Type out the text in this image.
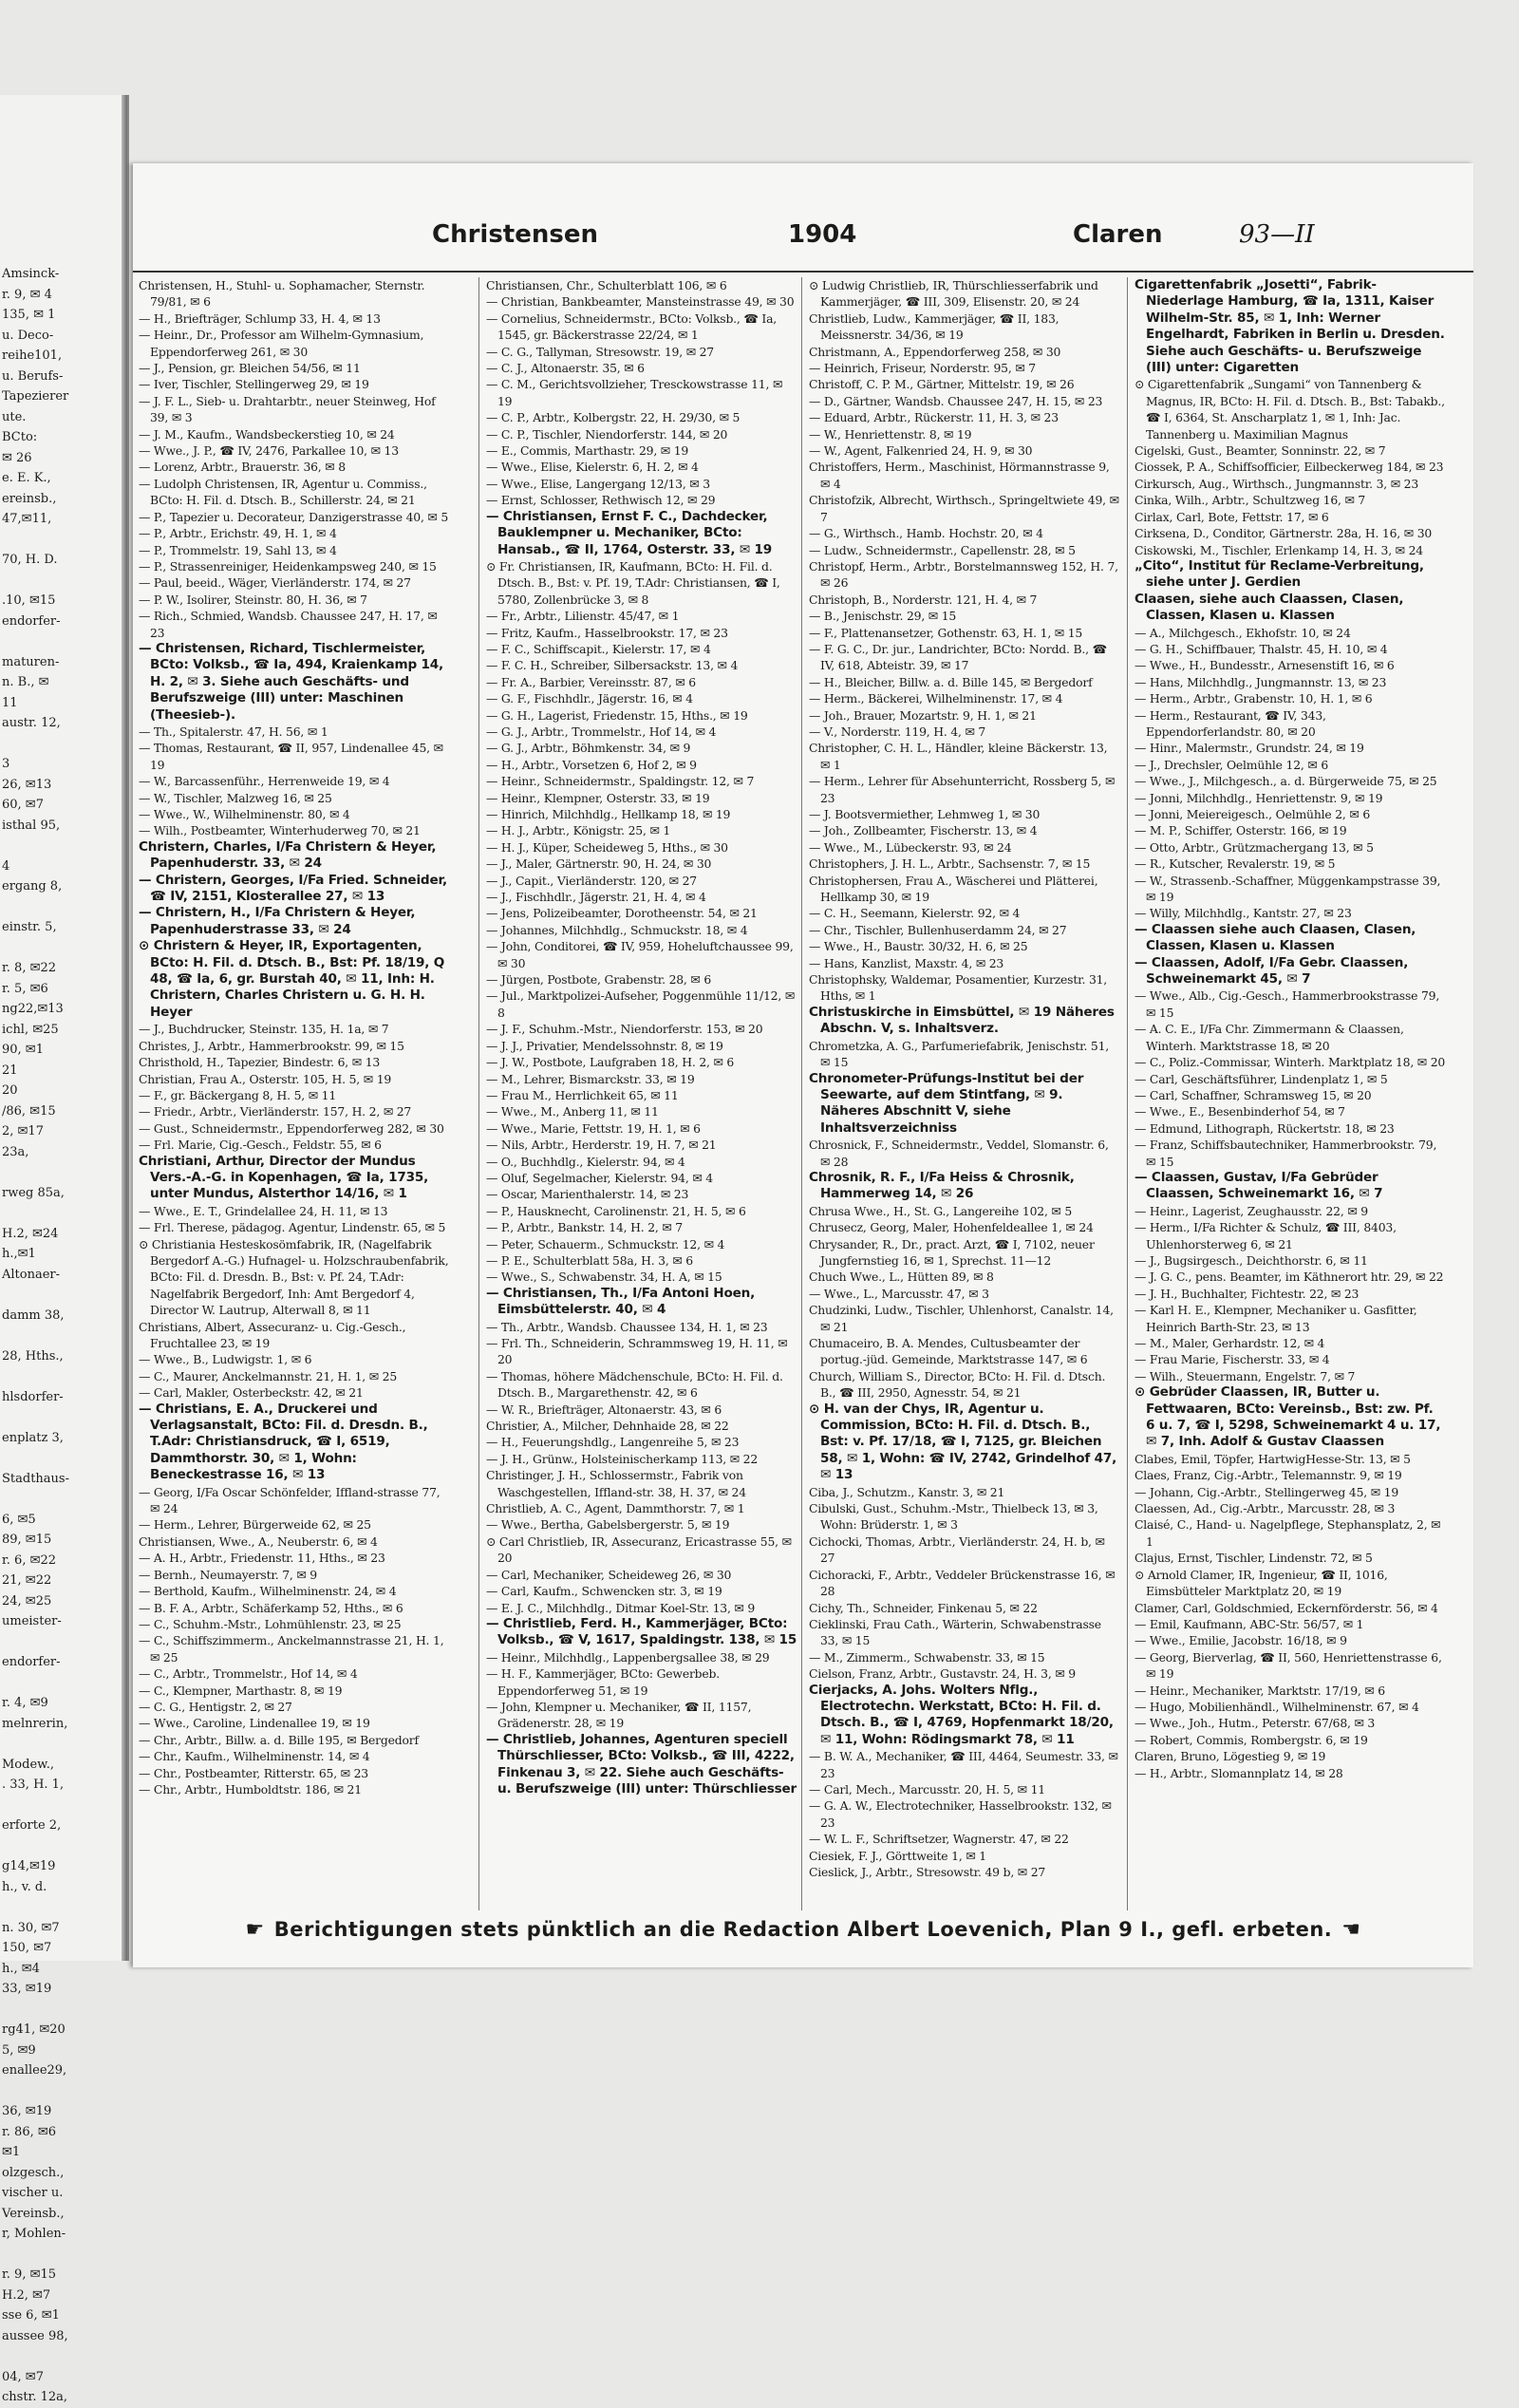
Amsinck-
r. 9, ✉ 4
135, ✉ 1
u. Deco-
reihe101,
u. Berufs-
Tapezierer
ute.
BCto:
✉ 26
e. E. K.,
ereinsb.,
47,✉11,

70, H. D.

.10, ✉15
endorfer-

maturen-
n. B., ✉
11
austr. 12,

3
26, ✉13
60, ✉7
isthal 95,

4
ergang 8,

einstr. 5,

r. 8, ✉22
r. 5, ✉6
ng22,✉13
ichl, ✉25
90, ✉1
21
20
/86, ✉15
2, ✉17
23a,

rweg 85a,

H.2, ✉24
h.,✉1
Altonaer-

damm 38,

28, Hths.,

hlsdorfer-

enplatz 3,

Stadthaus-

6, ✉5
89, ✉15
r. 6, ✉22
21, ✉22
24, ✉25
umeister-

endorfer-

r. 4, ✉9
melnrerin,

Modew.,
. 33, H. 1,

erforte 2,

g14,✉19
h., v. d.

n. 30, ✉7
150, ✉7
h., ✉4
33, ✉19

rg41, ✉20
5, ✉9
enallee29,

36, ✉19
r. 86, ✉6
✉1
olzgesch.,
vischer u.
Vereinsb.,
r, Mohlen-

r. 9, ✉15
H.2, ✉7
sse 6, ✉1
aussee 98,

04, ✉7
chstr. 12a,
Christensen	1904	Claren	93—II
Christensen, H., Stuhl- u. Sophamacher, Sternstr. 79/81, ✉ 6
— H., Briefträger, Schlump 33, H. 4, ✉ 13
— Heinr., Dr., Professor am Wilhelm-Gymnasium, Eppendorferweg 261, ✉ 30
— J., Pension, gr. Bleichen 54/56, ✉ 11
— Iver, Tischler, Stellingerweg 29, ✉ 19
— J. F. L., Sieb- u. Drahtarbtr., neuer Steinweg, Hof 39, ✉ 3
— J. M., Kaufm., Wandsbeckerstieg 10, ✉ 24
— Wwe., J. P., ☎ IV, 2476, Parkallee 10, ✉ 13
— Lorenz, Arbtr., Brauerstr. 36, ✉ 8
— Ludolph Christensen, IR, Agentur u. Commiss., BCto: H. Fil. d. Dtsch. B., Schillerstr. 24, ✉ 21
— P., Tapezier u. Decorateur, Danzigerstrasse 40, ✉ 5
— P., Arbtr., Erichstr. 49, H. 1, ✉ 4
— P., Trommelstr. 19, Sahl 13, ✉ 4
— P., Strassenreiniger, Heidenkampsweg 240, ✉ 15
— Paul, beeid., Wäger, Vierländerstr. 174, ✉ 27
— P. W., Isolirer, Steinstr. 80, H. 36, ✉ 7
— Rich., Schmied, Wandsb. Chaussee 247, H. 17, ✉ 23
— Christensen, Richard, Tischlermeister, BCto: Volksb., ☎ Ia, 494, Kraienkamp 14, H. 2, ✉ 3. Siehe auch Geschäfts- und Berufszweige (III) unter: Maschinen (Theesieb-).
— Th., Spitalerstr. 47, H. 56, ✉ 1
— Thomas, Restaurant, ☎ II, 957, Lindenallee 45, ✉ 19
— W., Barcassenführ., Herrenweide 19, ✉ 4
— W., Tischler, Malzweg 16, ✉ 25
— Wwe., W., Wilhelminenstr. 80, ✉ 4
— Wilh., Postbeamter, Winterhuderweg 70, ✉ 21
Christern, Charles, I/Fa Christern & Heyer, Papenhuderstr. 33, ✉ 24
— Christern, Georges, I/Fa Fried. Schneider, ☎ IV, 2151, Klosterallee 27, ✉ 13
— Christern, H., I/Fa Christern & Heyer, Papenhuderstrasse 33, ✉ 24
⊙ Christern & Heyer, IR, Exportagenten, BCto: H. Fil. d. Dtsch. B., Bst: Pf. 18/19, Q 48, ☎ Ia, 6, gr. Burstah 40, ✉ 11, Inh: H. Christern, Charles Christern u. G. H. H. Heyer
— J., Buchdrucker, Steinstr. 135, H. 1a, ✉ 7
Christes, J., Arbtr., Hammerbrookstr. 99, ✉ 15
Christhold, H., Tapezier, Bindestr. 6, ✉ 13
Christian, Frau A., Osterstr. 105, H. 5, ✉ 19
— F., gr. Bäckergang 8, H. 5, ✉ 11
— Friedr., Arbtr., Vierländerstr. 157, H. 2, ✉ 27
— Gust., Schneidermstr., Eppendorferweg 282, ✉ 30
— Frl. Marie, Cig.-Gesch., Feldstr. 55, ✉ 6
Christiani, Arthur, Director der Mundus Vers.-A.-G. in Kopenhagen, ☎ Ia, 1735, unter Mundus, Alsterthor 14/16, ✉ 1
— Wwe., E. T., Grindelallee 24, H. 11, ✉ 13
— Frl. Therese, pädagog. Agentur, Lindenstr. 65, ✉ 5
⊙ Christiania Hesteskosömfabrik, IR, (Nagelfabrik Bergedorf A.-G.) Hufnagel- u. Holzschraubenfabrik, BCto: Fil. d. Dresdn. B., Bst: v. Pf. 24, T.Adr: Nagelfabrik Bergedorf, Inh: Amt Bergedorf 4, Director W. Lautrup, Alterwall 8, ✉ 11
Christians, Albert, Assecuranz- u. Cig.-Gesch., Fruchtallee 23, ✉ 19
— Wwe., B., Ludwigstr. 1, ✉ 6
— C., Maurer, Anckelmannstr. 21, H. 1, ✉ 25
— Carl, Makler, Osterbeckstr. 42, ✉ 21
— Christians, E. A., Druckerei und Verlagsanstalt, BCto: Fil. d. Dresdn. B., T.Adr: Christiansdruck, ☎ I, 6519, Dammthorstr. 30, ✉ 1, Wohn: Beneckestrasse 16, ✉ 13
— Georg, I/Fa Oscar Schönfelder, Iffland-strasse 77, ✉ 24
— Herm., Lehrer, Bürgerweide 62, ✉ 25
Christiansen, Wwe., A., Neuberstr. 6, ✉ 4
— A. H., Arbtr., Friedenstr. 11, Hths., ✉ 23
— Bernh., Neumayerstr. 7, ✉ 9
— Berthold, Kaufm., Wilhelminenstr. 24, ✉ 4
— B. F. A., Arbtr., Schäferkamp 52, Hths., ✉ 6
— C., Schuhm.-Mstr., Lohmühlenstr. 23, ✉ 25
— C., Schiffszimmerm., Anckelmannstrasse 21, H. 1, ✉ 25
— C., Arbtr., Trommelstr., Hof 14, ✉ 4
— C., Klempner, Marthastr. 8, ✉ 19
— C. G., Hentigstr. 2, ✉ 27
— Wwe., Caroline, Lindenallee 19, ✉ 19
— Chr., Arbtr., Billw. a. d. Bille 195, ✉ Bergedorf
— Chr., Kaufm., Wilhelminenstr. 14, ✉ 4
— Chr., Postbeamter, Ritterstr. 65, ✉ 23
— Chr., Arbtr., Humboldtstr. 186, ✉ 21
Christiansen, Chr., Schulterblatt 106, ✉ 6
— Christian, Bankbeamter, Mansteinstrasse 49, ✉ 30
— Cornelius, Schneidermstr., BCto: Volksb., ☎ Ia, 1545, gr. Bäckerstrasse 22/24, ✉ 1
— C. G., Tallyman, Stresowstr. 19, ✉ 27
— C. J., Altonaerstr. 35, ✉ 6
— C. M., Gerichtsvollzieher, Tresckowstrasse 11, ✉ 19
— C. P., Arbtr., Kolbergstr. 22, H. 29/30, ✉ 5
— C. P., Tischler, Niendorferstr. 144, ✉ 20
— E., Commis, Marthastr. 29, ✉ 19
— Wwe., Elise, Kielerstr. 6, H. 2, ✉ 4
— Wwe., Elise, Langergang 12/13, ✉ 3
— Ernst, Schlosser, Rethwisch 12, ✉ 29
— Christiansen, Ernst F. C., Dachdecker, Bauklempner u. Mechaniker, BCto: Hansab., ☎ II, 1764, Osterstr. 33, ✉ 19
⊙ Fr. Christiansen, IR, Kaufmann, BCto: H. Fil. d. Dtsch. B., Bst: v. Pf. 19, T.Adr: Christiansen, ☎ I, 5780, Zollenbrücke 3, ✉ 8
— Fr., Arbtr., Lilienstr. 45/47, ✉ 1
— Fritz, Kaufm., Hasselbrookstr. 17, ✉ 23
— F. C., Schiffscapit., Kielerstr. 17, ✉ 4
— F. C. H., Schreiber, Silbersackstr. 13, ✉ 4
— Fr. A., Barbier, Vereinsstr. 87, ✉ 6
— G. F., Fischhdlr., Jägerstr. 16, ✉ 4
— G. H., Lagerist, Friedenstr. 15, Hths., ✉ 19
— G. J., Arbtr., Trommelstr., Hof 14, ✉ 4
— G. J., Arbtr., Böhmkenstr. 34, ✉ 9
— H., Arbtr., Vorsetzen 6, Hof 2, ✉ 9
— Heinr., Schneidermstr., Spaldingstr. 12, ✉ 7
— Heinr., Klempner, Osterstr. 33, ✉ 19
— Hinrich, Milchhdlg., Hellkamp 18, ✉ 19
— H. J., Arbtr., Königstr. 25, ✉ 1
— H. J., Küper, Scheideweg 5, Hths., ✉ 30
— J., Maler, Gärtnerstr. 90, H. 24, ✉ 30
— J., Capit., Vierländerstr. 120, ✉ 27
— J., Fischhdlr., Jägerstr. 21, H. 4, ✉ 4
— Jens, Polizeibeamter, Dorotheenstr. 54, ✉ 21
— Johannes, Milchhdlg., Schmuckstr. 18, ✉ 4
— John, Conditorei, ☎ IV, 959, Hoheluftchaussee 99, ✉ 30
— Jürgen, Postbote, Grabenstr. 28, ✉ 6
— Jul., Marktpolizei-Aufseher, Poggenmühle 11/12, ✉ 8
— J. F., Schuhm.-Mstr., Niendorferstr. 153, ✉ 20
— J. J., Privatier, Mendelssohnstr. 8, ✉ 19
— J. W., Postbote, Laufgraben 18, H. 2, ✉ 6
— M., Lehrer, Bismarckstr. 33, ✉ 19
— Frau M., Herrlichkeit 65, ✉ 11
— Wwe., M., Anberg 11, ✉ 11
— Wwe., Marie, Fettstr. 19, H. 1, ✉ 6
— Nils, Arbtr., Herderstr. 19, H. 7, ✉ 21
— O., Buchhdlg., Kielerstr. 94, ✉ 4
— Oluf, Segelmacher, Kielerstr. 94, ✉ 4
— Oscar, Marienthalerstr. 14, ✉ 23
— P., Hausknecht, Carolinenstr. 21, H. 5, ✉ 6
— P., Arbtr., Bankstr. 14, H. 2, ✉ 7
— Peter, Schauerm., Schmuckstr. 12, ✉ 4
— P. E., Schulterblatt 58a, H. 3, ✉ 6
— Wwe., S., Schwabenstr. 34, H. A, ✉ 15
— Christiansen, Th., I/Fa Antoni Hoen, Eimsbüttelerstr. 40, ✉ 4
— Th., Arbtr., Wandsb. Chaussee 134, H. 1, ✉ 23
— Frl. Th., Schneiderin, Schrammsweg 19, H. 11, ✉ 20
— Thomas, höhere Mädchenschule, BCto: H. Fil. d. Dtsch. B., Margarethenstr. 42, ✉ 6
— W. R., Briefträger, Altonaerstr. 43, ✉ 6
Christier, A., Milcher, Dehnhaide 28, ✉ 22
— H., Feuerungshdlg., Langenreihe 5, ✉ 23
— J. H., Grünw., Holsteinischerkamp 113, ✉ 22
Christinger, J. H., Schlossermstr., Fabrik von Waschgestellen, Iffland-str. 38, H. 37, ✉ 24
Christlieb, A. C., Agent, Dammthorstr. 7, ✉ 1
— Wwe., Bertha, Gabelsbergerstr. 5, ✉ 19
⊙ Carl Christlieb, IR, Assecuranz, Ericastrasse 55, ✉ 20
— Carl, Mechaniker, Scheideweg 26, ✉ 30
— Carl, Kaufm., Schwencken str. 3, ✉ 19
— E. J. C., Milchhdlg., Ditmar Koel-Str. 13, ✉ 9
— Christlieb, Ferd. H., Kammerjäger, BCto: Volksb., ☎ V, 1617, Spaldingstr. 138, ✉ 15
— Heinr., Milchhdlg., Lappenbergsallee 38, ✉ 29
— H. F., Kammerjäger, BCto: Gewerbeb. Eppendorferweg 51, ✉ 19
— John, Klempner u. Mechaniker, ☎ II, 1157, Grädenerstr. 28, ✉ 19
— Christlieb, Johannes, Agenturen speciell Thürschliesser, BCto: Volksb., ☎ III, 4222, Finkenau 3, ✉ 22. Siehe auch Geschäfts- u. Berufszweige (III) unter: Thürschliesser
⊙ Ludwig Christlieb, IR, Thürschliesserfabrik und Kammerjäger, ☎ III, 309, Elisenstr. 20, ✉ 24
Christlieb, Ludw., Kammerjäger, ☎ II, 183, Meissnerstr. 34/36, ✉ 19
Christmann, A., Eppendorferweg 258, ✉ 30
— Heinrich, Friseur, Norderstr. 95, ✉ 7
Christoff, C. P. M., Gärtner, Mittelstr. 19, ✉ 26
— D., Gärtner, Wandsb. Chaussee 247, H. 15, ✉ 23
— Eduard, Arbtr., Rückerstr. 11, H. 3, ✉ 23
— W., Henriettenstr. 8, ✉ 19
— W., Agent, Falkenried 24, H. 9, ✉ 30
Christoffers, Herm., Maschinist, Hörmannstrasse 9, ✉ 4
Christofzik, Albrecht, Wirthsch., Springeltwiete 49, ✉ 7
— G., Wirthsch., Hamb. Hochstr. 20, ✉ 4
— Ludw., Schneidermstr., Capellenstr. 28, ✉ 5
Christopf, Herm., Arbtr., Borstelmannsweg 152, H. 7, ✉ 26
Christoph, B., Norderstr. 121, H. 4, ✉ 7
— B., Jenischstr. 29, ✉ 15
— F., Plattenansetzer, Gothenstr. 63, H. 1, ✉ 15
— F. G. C., Dr. jur., Landrichter, BCto: Nordd. B., ☎ IV, 618, Abteistr. 39, ✉ 17
— H., Bleicher, Billw. a. d. Bille 145, ✉ Bergedorf
— Herm., Bäckerei, Wilhelminenstr. 17, ✉ 4
— Joh., Brauer, Mozartstr. 9, H. 1, ✉ 21
— V., Norderstr. 119, H. 4, ✉ 7
Christopher, C. H. L., Händler, kleine Bäckerstr. 13, ✉ 1
— Herm., Lehrer für Absehunterricht, Rossberg 5, ✉ 23
— J. Bootsvermiether, Lehmweg 1, ✉ 30
— Joh., Zollbeamter, Fischerstr. 13, ✉ 4
— Wwe., M., Lübeckerstr. 93, ✉ 24
Christophers, J. H. L., Arbtr., Sachsenstr. 7, ✉ 15
Christophersen, Frau A., Wäscherei und Plätterei, Hellkamp 30, ✉ 19
— C. H., Seemann, Kielerstr. 92, ✉ 4
— Chr., Tischler, Bullenhuserdamm 24, ✉ 27
— Wwe., H., Baustr. 30/32, H. 6, ✉ 25
— Hans, Kanzlist, Maxstr. 4, ✉ 23
Christophsky, Waldemar, Posamentier, Kurzestr. 31, Hths, ✉ 1
Christuskirche in Eimsbüttel, ✉ 19 Näheres Abschn. V, s. Inhaltsverz.
Chrometzka, A. G., Parfumeriefabrik, Jenischstr. 51, ✉ 15
Chronometer-Prüfungs-Institut bei der Seewarte, auf dem Stintfang, ✉ 9. Näheres Abschnitt V, siehe Inhaltsverzeichniss
Chrosnick, F., Schneidermstr., Veddel, Slomanstr. 6, ✉ 28
Chrosnik, R. F., I/Fa Heiss & Chrosnik, Hammerweg 14, ✉ 26
Chrusa Wwe., H., St. G., Langereihe 102, ✉ 5
Chrusecz, Georg, Maler, Hohenfeldeallee 1, ✉ 24
Chrysander, R., Dr., pract. Arzt, ☎ I, 7102, neuer Jungfernstieg 16, ✉ 1, Sprechst. 11—12
Chuch Wwe., L., Hütten 89, ✉ 8
— Wwe., L., Marcusstr. 47, ✉ 3
Chudzinki, Ludw., Tischler, Uhlenhorst, Canalstr. 14, ✉ 21
Chumaceiro, B. A. Mendes, Cultusbeamter der portug.-jüd. Gemeinde, Marktstrasse 147, ✉ 6
Church, William S., Director, BCto: H. Fil. d. Dtsch. B., ☎ III, 2950, Agnesstr. 54, ✉ 21
⊙ H. van der Chys, IR, Agentur u. Commission, BCto: H. Fil. d. Dtsch. B., Bst: v. Pf. 17/18, ☎ I, 7125, gr. Bleichen 58, ✉ 1, Wohn: ☎ IV, 2742, Grindelhof 47, ✉ 13
Ciba, J., Schutzm., Kanstr. 3, ✉ 21
Cibulski, Gust., Schuhm.-Mstr., Thielbeck 13, ✉ 3, Wohn: Brüderstr. 1, ✉ 3
Cichocki, Thomas, Arbtr., Vierländerstr. 24, H. b, ✉ 27
Cichoracki, F., Arbtr., Veddeler Brückenstrasse 16, ✉ 28
Cichy, Th., Schneider, Finkenau 5, ✉ 22
Cieklinski, Frau Cath., Wärterin, Schwabenstrasse 33, ✉ 15
— M., Zimmerm., Schwabenstr. 33, ✉ 15
Cielson, Franz, Arbtr., Gustavstr. 24, H. 3, ✉ 9
Cierjacks, A. Johs. Wolters Nflg., Electrotechn. Werkstatt, BCto: H. Fil. d. Dtsch. B., ☎ I, 4769, Hopfenmarkt 18/20, ✉ 11, Wohn: Rödingsmarkt 78, ✉ 11
— B. W. A., Mechaniker, ☎ III, 4464, Seumestr. 33, ✉ 23
— Carl, Mech., Marcusstr. 20, H. 5, ✉ 11
— G. A. W., Electrotechniker, Hasselbrookstr. 132, ✉ 23
— W. L. F., Schriftsetzer, Wagnerstr. 47, ✉ 22
Ciesiek, F. J., Görttweite 1, ✉ 1
Cieslick, J., Arbtr., Stresowstr. 49 b, ✉ 27
Cigarettenfabrik „Josetti“, Fabrik-Niederlage Hamburg, ☎ Ia, 1311, Kaiser Wilhelm-Str. 85, ✉ 1, Inh: Werner Engelhardt, Fabriken in Berlin u. Dresden. Siehe auch Geschäfts- u. Berufszweige (III) unter: Cigaretten
⊙ Cigarettenfabrik „Sungami“ von Tannenberg & Magnus, IR, BCto: H. Fil. d. Dtsch. B., Bst: Tabakb., ☎ I, 6364, St. Anscharplatz 1, ✉ 1, Inh: Jac. Tannenberg u. Maximilian Magnus
Cigelski, Gust., Beamter, Sonninstr. 22, ✉ 7
Ciossek, P. A., Schiffsofficier, Eilbeckerweg 184, ✉ 23
Cirkursch, Aug., Wirthsch., Jungmannstr. 3, ✉ 23
Cinka, Wilh., Arbtr., Schultzweg 16, ✉ 7
Cirlax, Carl, Bote, Fettstr. 17, ✉ 6
Cirksena, D., Conditor, Gärtnerstr. 28a, H. 16, ✉ 30
Ciskowski, M., Tischler, Erlenkamp 14, H. 3, ✉ 24
„Cito“, Institut für Reclame-Verbreitung, siehe unter J. Gerdien
Claasen, siehe auch Claassen, Clasen, Classen, Klasen u. Klassen
— A., Milchgesch., Ekhofstr. 10, ✉ 24
— G. H., Schiffbauer, Thalstr. 45, H. 10, ✉ 4
— Wwe., H., Bundesstr., Arnesenstift 16, ✉ 6
— Hans, Milchhdlg., Jungmannstr. 13, ✉ 23
— Herm., Arbtr., Grabenstr. 10, H. 1, ✉ 6
— Herm., Restaurant, ☎ IV, 343, Eppendorferlandstr. 80, ✉ 20
— Hinr., Malermstr., Grundstr. 24, ✉ 19
— J., Drechsler, Oelmühle 12, ✉ 6
— Wwe., J., Milchgesch., a. d. Bürgerweide 75, ✉ 25
— Jonni, Milchhdlg., Henriettenstr. 9, ✉ 19
— Jonni, Meiereigesch., Oelmühle 2, ✉ 6
— M. P., Schiffer, Osterstr. 166, ✉ 19
— Otto, Arbtr., Grützmachergang 13, ✉ 5
— R., Kutscher, Revalerstr. 19, ✉ 5
— W., Strassenb.-Schaffner, Müggenkampstrasse 39, ✉ 19
— Willy, Milchhdlg., Kantstr. 27, ✉ 23
— Claassen siehe auch Claasen, Clasen, Classen, Klasen u. Klassen
— Claassen, Adolf, I/Fa Gebr. Claassen, Schweinemarkt 45, ✉ 7
— Wwe., Alb., Cig.-Gesch., Hammerbrookstrasse 79, ✉ 15
— A. C. E., I/Fa Chr. Zimmermann & Claassen, Winterh. Marktstrasse 18, ✉ 20
— C., Poliz.-Commissar, Winterh. Marktplatz 18, ✉ 20
— Carl, Geschäftsführer, Lindenplatz 1, ✉ 5
— Carl, Schaffner, Schramsweg 15, ✉ 20
— Wwe., E., Besenbinderhof 54, ✉ 7
— Edmund, Lithograph, Rückertstr. 18, ✉ 23
— Franz, Schiffsbautechniker, Hammerbrookstr. 79, ✉ 15
— Claassen, Gustav, I/Fa Gebrüder Claassen, Schweinemarkt 16, ✉ 7
— Heinr., Lagerist, Zeughausstr. 22, ✉ 9
— Herm., I/Fa Richter & Schulz, ☎ III, 8403, Uhlenhorsterweg 6, ✉ 21
— J., Bugsirgesch., Deichthorstr. 6, ✉ 11
— J. G. C., pens. Beamter, im Käthnerort htr. 29, ✉ 22
— J. H., Buchhalter, Fichtestr. 22, ✉ 23
— Karl H. E., Klempner, Mechaniker u. Gasfitter, Heinrich Barth-Str. 23, ✉ 13
— M., Maler, Gerhardstr. 12, ✉ 4
— Frau Marie, Fischerstr. 33, ✉ 4
— Wilh., Steuermann, Engelstr. 7, ✉ 7
⊙ Gebrüder Claassen, IR, Butter u. Fettwaaren, BCto: Vereinsb., Bst: zw. Pf. 6 u. 7, ☎ I, 5298, Schweinemarkt 4 u. 17, ✉ 7, Inh. Adolf & Gustav Claassen
Clabes, Emil, Töpfer, HartwigHesse-Str. 13, ✉ 5
Claes, Franz, Cig.-Arbtr., Telemannstr. 9, ✉ 19
— Johann, Cig.-Arbtr., Stellingerweg 45, ✉ 19
Claessen, Ad., Cig.-Arbtr., Marcusstr. 28, ✉ 3
Claisé, C., Hand- u. Nagelpflege, Stephansplatz, 2, ✉ 1
Clajus, Ernst, Tischler, Lindenstr. 72, ✉ 5
⊙ Arnold Clamer, IR, Ingenieur, ☎ II, 1016, Eimsbütteler Marktplatz 20, ✉ 19
Clamer, Carl, Goldschmied, Eckernförderstr. 56, ✉ 4
— Emil, Kaufmann, ABC-Str. 56/57, ✉ 1
— Wwe., Emilie, Jacobstr. 16/18, ✉ 9
— Georg, Bierverlag, ☎ II, 560, Henriettenstrasse 6, ✉ 19
— Heinr., Mechaniker, Marktstr. 17/19, ✉ 6
— Hugo, Mobilienhändl., Wilhelminenstr. 67, ✉ 4
— Wwe., Joh., Hutm., Peterstr. 67/68, ✉ 3
— Robert, Commis, Rombergstr. 6, ✉ 19
Claren, Bruno, Lögestieg 9, ✉ 19
— H., Arbtr., Slomannplatz 14, ✉ 28
☛ Berichtigungen stets pünktlich an die Redaction Albert Loevenich, Plan 9 I., gefl. erbeten. ☚
